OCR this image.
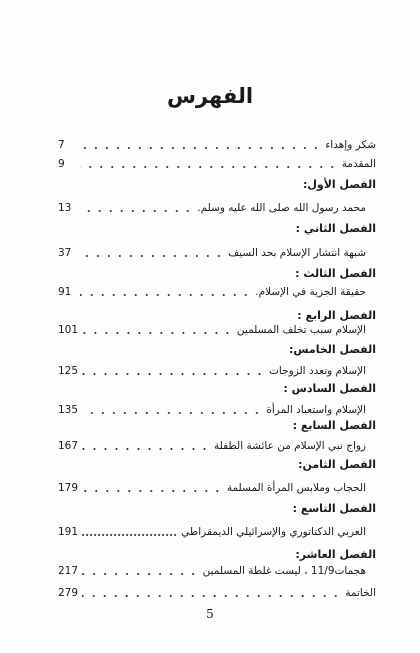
الفهرس
شكر وإهداء
7
المقدمة
9
الفصل الأول:
محمد رسول الله صلى الله عليه وسلم.
13
الفصل الثاني :
شبهة انتشار الإسلام بحد السيف
37
الفصل الثالث :
حقيقة الجزية في الإسلام.
91
الفصل الرابع :
الإسلام سبب تخلف المسلمين
101
الفصل الخامس:
الإسلام وتعدد الزوجات
125
الفصل السادس :
الإسلام واستعباد المرأة
135
الفصل السابع :
زواج نبي الإسلام من عائشة الطفلة
167
الفصل الثامن:
الحجاب وملابس المرأة المسلمة
179
الفصل التاسع :
العربي الدكتاتوري والإسرائيلي الديمقراطي
191
الفصل العاشر:
هجمات11/9 ، ليست غلطة المسلمين
217
الخاتمة
279
5
